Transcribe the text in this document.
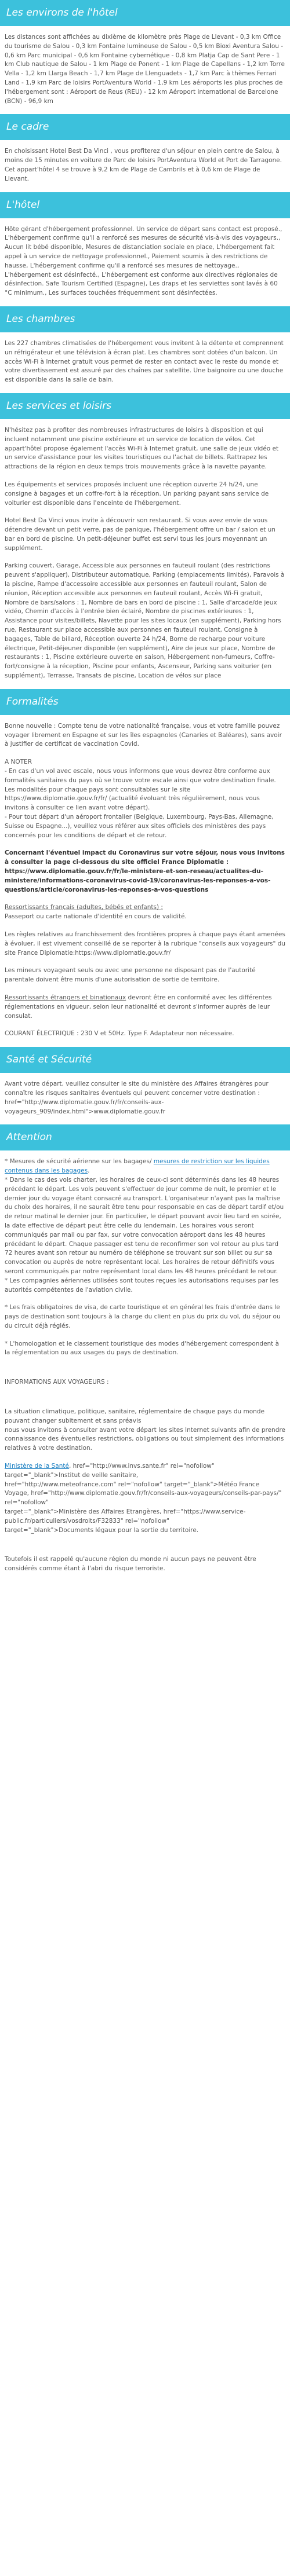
Les environs de l'hôtel

Les distances sont affichées au dixième de kilomètre près Plage de Llevant - 0,3 km Office du tourisme de Salou - 0,3 km Fontaine lumineuse de Salou - 0,5 km Bioxi Aventura Salou - 0,6 km Parc municipal - 0,6 km Fontaine cybernétique - 0,8 km Platja Cap de Sant Pere - 1 km Club nautique de Salou - 1 km Plage de Ponent - 1 km Plage de Capellans - 1,2 km Torre Vella - 1,2 km Llarga Beach - 1,7 km Plage de Llenguadets - 1,7 km Parc à thèmes Ferrari Land - 1,9 km Parc de loisirs PortAventura World - 1,9 km Les aéroports les plus proches de l'hébergement sont : Aéroport de Reus (REU) - 12 km Aéroport international de Barcelone (BCN) - 96,9 km

Le cadre

En choisissant Hotel Best Da Vinci , vous profiterez d'un séjour en plein centre de Salou, à moins de 15 minutes en voiture de Parc de loisirs PortAventura World et Port de Tarragone. Cet appart'hôtel 4 se trouve à 9,2 km de Plage de Cambrils et à 0,6 km de Plage de Llevant.

L'hôtel

Hôte gérant d'hébergement professionnel. Un service de départ sans contact est proposé., L'hébergement confirme qu'il a renforcé ses mesures de sécurité vis-à-vis des voyageurs., Aucun lit bébé disponible, Mesures de distanciation sociale en place, L'hébergement fait appel à un service de nettoyage professionnel., Paiement soumis à des restrictions de hausse, L'hébergement confirme qu'il a renforcé ses mesures de nettoyage., L'hébergement est désinfecté., L'hébergement est conforme aux directives régionales de désinfection. Safe Tourism Certified (Espagne), Les draps et les serviettes sont lavés à 60 °C minimum., Les surfaces touchées fréquemment sont désinfectées.

Les chambres

Les 227 chambres climatisées de l'hébergement vous invitent à la détente et comprennent un réfrigérateur et une télévision à écran plat. Les chambres sont dotées d'un balcon. Un accès Wi-Fi à Internet gratuit vous permet de rester en contact avec le reste du monde et votre divertissement est assuré par des chaînes par satellite. Une baignoire ou une douche est disponible dans la salle de bain.

Les services et loisirs

N'hésitez pas à profiter des nombreuses infrastructures de loisirs à disposition et qui incluent notamment une piscine extérieure et un service de location de vélos. Cet appart'hôtel propose également l'accès Wi-Fi à Internet gratuit, une salle de jeux vidéo et un service d'assistance pour les visites touristiques ou l'achat de billets. Rattrapez les attractions de la région en deux temps trois mouvements grâce à la navette payante.

Les équipements et services proposés incluent une réception ouverte 24 h/24, une consigne à bagages et un coffre-fort à la réception. Un parking payant sans service de voiturier est disponible dans l'enceinte de l'hébergement.

Hotel Best Da Vinci vous invite à découvrir son restaurant. Si vous avez envie de vous détendre devant un petit verre, pas de panique, l'hébergement offre un bar / salon et un bar en bord de piscine. Un petit-déjeuner buffet est servi tous les jours moyennant un supplément.

Parking couvert, Garage, Accessible aux personnes en fauteuil roulant (des restrictions peuvent s'appliquer), Distributeur automatique, Parking (emplacements limités), Paravois à la piscine, Rampe d'accessoire accessible aux personnes en fauteuil roulant, Salon de réunion, Réception accessible aux personnes en fauteuil roulant, Accès Wi-Fi gratuit, Nombre de bars/salons : 1, Nombre de bars en bord de piscine : 1, Salle d'arcade/de jeux vidéo, Chemin d'accès à l'entrée bien éclairé, Nombre de piscines extérieures : 1, Assistance pour visites/billets, Navette pour les sites locaux (en supplément), Parking hors rue, Restaurant sur place accessible aux personnes en fauteuil roulant, Consigne à bagages, Table de billard, Réception ouverte 24 h/24, Borne de recharge pour voiture électrique, Petit-déjeuner disponible (en supplément), Aire de jeux sur place, Nombre de restaurants : 1, Piscine extérieure ouverte en saison, Hébergement non-fumeurs, Coffre-fort/consigne à la réception, Piscine pour enfants, Ascenseur, Parking sans voiturier (en supplément), Terrasse, Transats de piscine, Location de vélos sur place

Formalités

Bonne nouvelle : Compte tenu de votre nationalité française, vous et votre famille pouvez voyager librement en Espagne et sur les îles espagnoles (Canaries et Baléares), sans avoir à justifier de certificat de vaccination Covid.

A NOTER
- En cas d'un vol avec escale, nous vous informons que vous devrez être conforme aux formalités sanitaires du pays où se trouve votre escale ainsi que votre destination finale.
Les modalités pour chaque pays sont consultables sur le site https://www.diplomatie.gouv.fr/fr/ (actualité évoluant très régulièrement, nous vous invitons à consulter ce lien avant votre départ).
- Pour tout départ d'un aéroport frontalier (Belgique, Luxembourg, Pays-Bas, Allemagne, Suisse ou Espagne...), veuillez vous référer aux sites officiels des ministères des pays concernés pour les conditions de départ et de retour.

Concernant l'éventuel impact du Coronavirus sur votre séjour, nous vous invitons à consulter la page ci-dessous du site officiel France Diplomatie : https://www.diplomatie.gouv.fr/fr/le-ministere-et-son-reseau/actualites-du-ministere/informations-coronavirus-covid-19/coronavirus-les-reponses-a-vos-questions/article/coronavirus-les-reponses-a-vos-questions

Ressortissants français (adultes, bébés et enfants) :
Passeport ou carte nationale d'identité en cours de validité.

Les règles relatives au franchissement des frontières propres à chaque pays étant amenées à évoluer, il est vivement conseillé de se reporter à la rubrique "conseils aux voyageurs" du site France Diplomatie:https://www.diplomatie.gouv.fr/

Les mineurs voyageant seuls ou avec une personne ne disposant pas de l'autorité parentale doivent être munis d'une autorisation de sortie de territoire.

Ressortissants étrangers et binationaux devront être en conformité avec les différentes réglementations en vigueur, selon leur nationalité et devront s'informer auprès de leur consulat.

COURANT ÉLECTRIQUE : 230 V et 50Hz. Type F. Adaptateur non nécessaire.

Santé et Sécurité

Avant votre départ, veuillez consulter le site du ministère des Affaires étrangères pour connaître les risques sanitaires éventuels qui peuvent concerner votre destination : href="http://www.diplomatie.gouv.fr/fr/conseils-aux-voyageurs_909/index.html">www.diplomatie.gouv.fr

Attention

* Mesures de sécurité aérienne sur les bagages/ mesures de restriction sur les liquides contenus dans les bagages.
* Dans le cas des vols charter, les horaires de ceux-ci sont déterminés dans les 48 heures précédant le départ. Les vols peuvent s'effectuer de jour comme de nuit, le premier et le dernier jour du voyage étant consacré au transport. L'organisateur n'ayant pas la maîtrise du choix des horaires, il ne saurait être tenu pour responsable en cas de départ tardif et/ou de retour matinal le dernier jour. En particulier, le départ pouvant avoir lieu tard en soirée, la date effective de départ peut être celle du lendemain. Les horaires vous seront communiqués par mail ou par fax, sur votre convocation aéroport dans les 48 heures précédant le départ. Chaque passager est tenu de reconfirmer son vol retour au plus tard 72 heures avant son retour au numéro de téléphone se trouvant sur son billet ou sur sa convocation ou auprès de notre représentant local. Les horaires de retour définitifs vous seront communiqués par notre représentant local dans les 48 heures précédant le retour.
* Les compagnies aériennes utilisées sont toutes reçues les autorisations requises par les autorités compétentes de l'aviation civile.

* Les frais obligatoires de visa, de carte touristique et en général les frais d'entrée dans le pays de destination sont toujours à la charge du client en plus du prix du vol, du séjour ou du circuit déjà réglés.

* L'homologation et le classement touristique des modes d'hébergement correspondent à la réglementation ou aux usages du pays de destination.

INFORMATIONS AUX VOYAGEURS :

La situation climatique, politique, sanitaire, réglementaire de chaque pays du monde pouvant changer subitement et sans préavis
nous vous invitons à consulter avant votre départ les sites Internet suivants afin de prendre connaissance des éventuelles restrictions, obligations ou tout simplement des informations relatives à votre destination.

Ministère de la Santé, href="http://www.invs.sante.fr" rel="nofollow" target="_blank">Institut de veille sanitaire,
href="http://www.meteofrance.com" rel="nofollow" target="_blank">Météo France Voyage, href="http://www.diplomatie.gouv.fr/fr/conseils-aux-voyageurs/conseils-par-pays/" rel="nofollow"
target="_blank">Ministère des Affaires Etrangères, href="https://www.service-public.fr/particuliers/vosdroits/F32833" rel="nofollow"
target="_blank">Documents légaux pour la sortie du territoire.

Toutefois il est rappelé qu'aucune région du monde ni aucun pays ne peuvent être considérés comme étant à l'abri du risque terroriste.
